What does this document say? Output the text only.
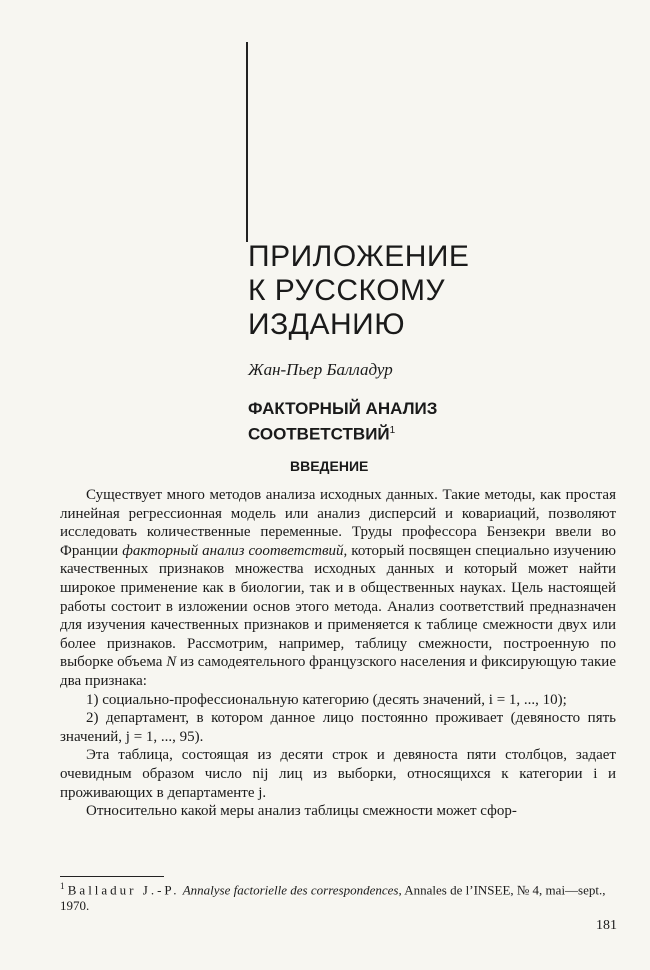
ПРИЛОЖЕНИЕ
К РУССКОМУ
ИЗДАНИЮ
Жан-Пьер Балладур
ФАКТОРНЫЙ АНАЛИЗ
СООТВЕТСТВИЙ$^1$
ВВЕДЕНИЕ

Существует много методов анализа исходных данных. Такие методы, как простая линейная регрессионная модель или анализ дисперсий и ковариаций, позволяют исследовать количественные переменные. Труды профессора Бензекри ввели во Франции факторный анализ соответствий, который посвящен специально изучению качественных признаков множества исходных данных и который может найти широкое применение как в биологии, так и в общественных науках. Цель настоящей работы состоит в изложении основ этого метода. Анализ соответствий предназначен для изучения качественных признаков и применяется к таблице смежности двух или более признаков. Рассмотрим, например, таблицу смежности, построенную по выборке объема N из самодеятельного французского населения и фиксирующую такие два признака:

1) социально-профессиональную категорию (десять значений, i = 1, ..., 10);

2) департамент, в котором данное лицо постоянно проживает (девяносто пять значений, j = 1, ..., 95).

Эта таблица, состоящая из десяти строк и девяноста пяти столбцов, задает очевидным образом число nij лиц из выборки, относящихся к категории i и проживающих в департаменте j.

Относительно какой меры анализ таблицы смежности может сфор-

$^1$ Balladur J.-P. Annalyse factorielle des correspondences, Annales de l’INSEE, № 4, mai—sept., 1970.
181
